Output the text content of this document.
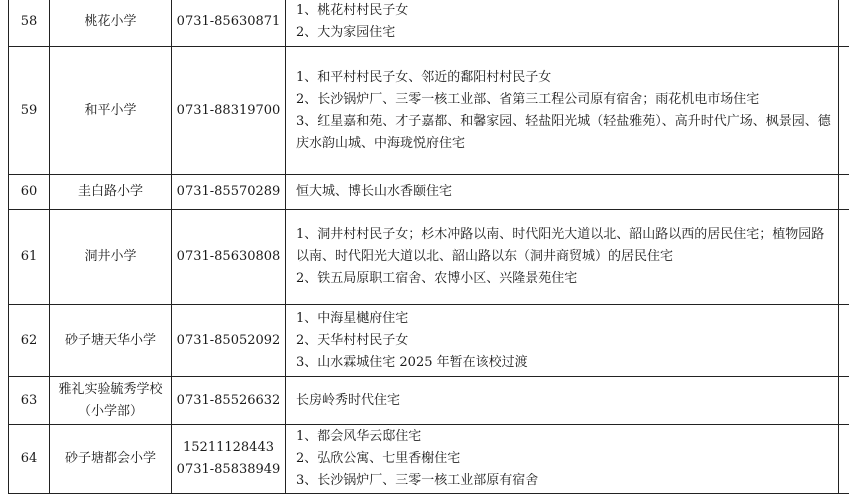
58	桃花小学	0731-85630871	1、桃花村村民子女
2、大为家园住宅	

59	和平小学	0731-88319700	1、和平村村民子女、邻近的鄱阳村村民子女
2、长沙锅炉厂、三零一核工业部、省第三工程公司原有宿舍；雨花机电市场住宅
3、红星嘉和苑、才子嘉都、和馨家园、轻盐阳光城（轻盐雅苑）、高升时代广场、枫景园、德庆水韵山城、中海珑悦府住宅	

60	圭白路小学	0731-85570289	恒大城、博长山水香颐住宅	

61	洞井小学	0731-85630808	1、洞井村村民子女；杉木冲路以南、时代阳光大道以北、韶山路以西的居民住宅；植物园路以南、时代阳光大道以北、韶山路以东（洞井商贸城）的居民住宅
2、铁五局原职工宿舍、农博小区、兴隆景苑住宅	

62	砂子塘天华小学	0731-85052092	1、中海星樾府住宅
2、天华村村民子女
3、山水霖城住宅 2025 年暂在该校过渡	

63	雅礼实验毓秀学校（小学部）	0731-85526632	长房岭秀时代住宅	

64	砂子塘都会小学	15211128443
0731-85838949	1、都会风华云邸住宅
2、弘欣公寓、七里香榭住宅
3、长沙锅炉厂、三零一核工业部原有宿舍	
